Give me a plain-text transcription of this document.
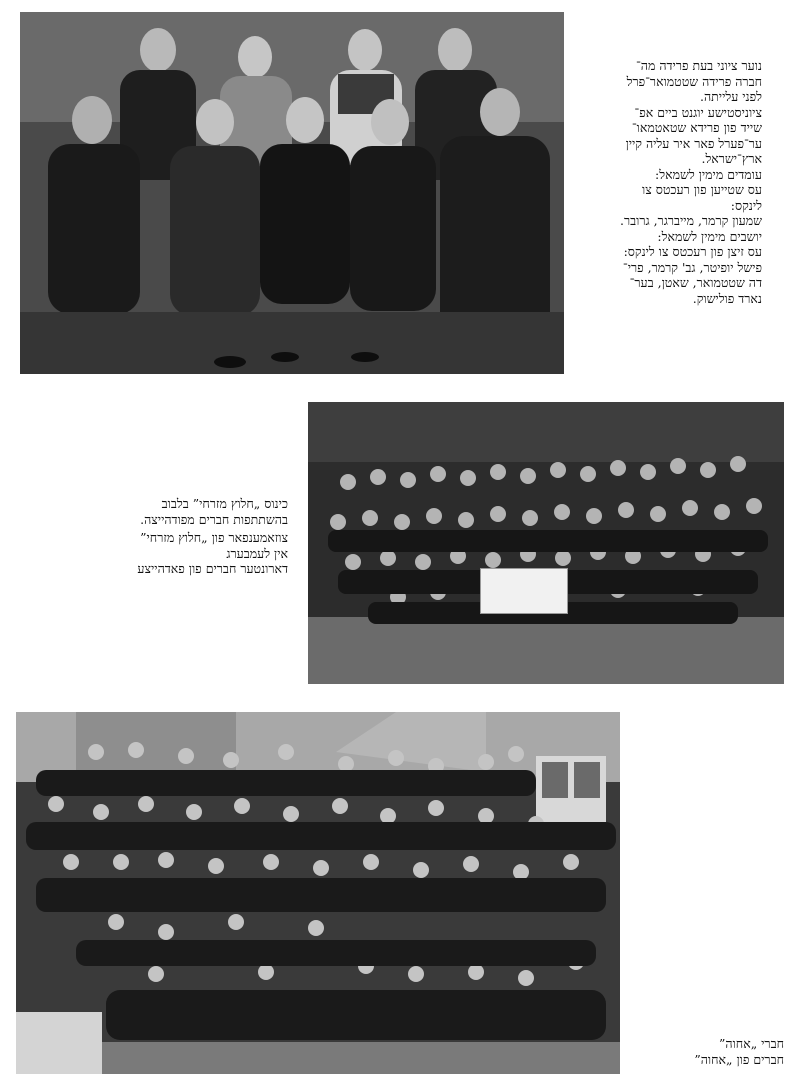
נוער ציוני בעת פרידה מה־

חברה פרידה שטטמואר־פרל

לפני עלייתה.

ציוניסטישע יוגנט ביים אפ־

שייד פון פרידא שטאטמאו־

ער־פערל פאר איר עליה קיין

ארץ־ישראל.

עומדים מימין לשמאל:

עס שטייען פון רעכטס צו

לינקס:

שמעון קרמר, מייברגר, גרובר.

יושבים מימין לשמאל:

עס זיצן פון רעכטס צו לינקס:

פישל יופיטר, גב' קרמר, פרי־

דה שטטמואר, שאטן, בער־

נארד פולישוק.

כינוס „חלוץ מזרחי” בלבוב

בהשתתפות חברים מפודהייצה.

צוזאמענפאר פון „חלוץ מזרחי”

אין לעמבערג

דארונטער חברים פון פאדהייצע

חברי „אחוה”

חברים פון „אחוה”
